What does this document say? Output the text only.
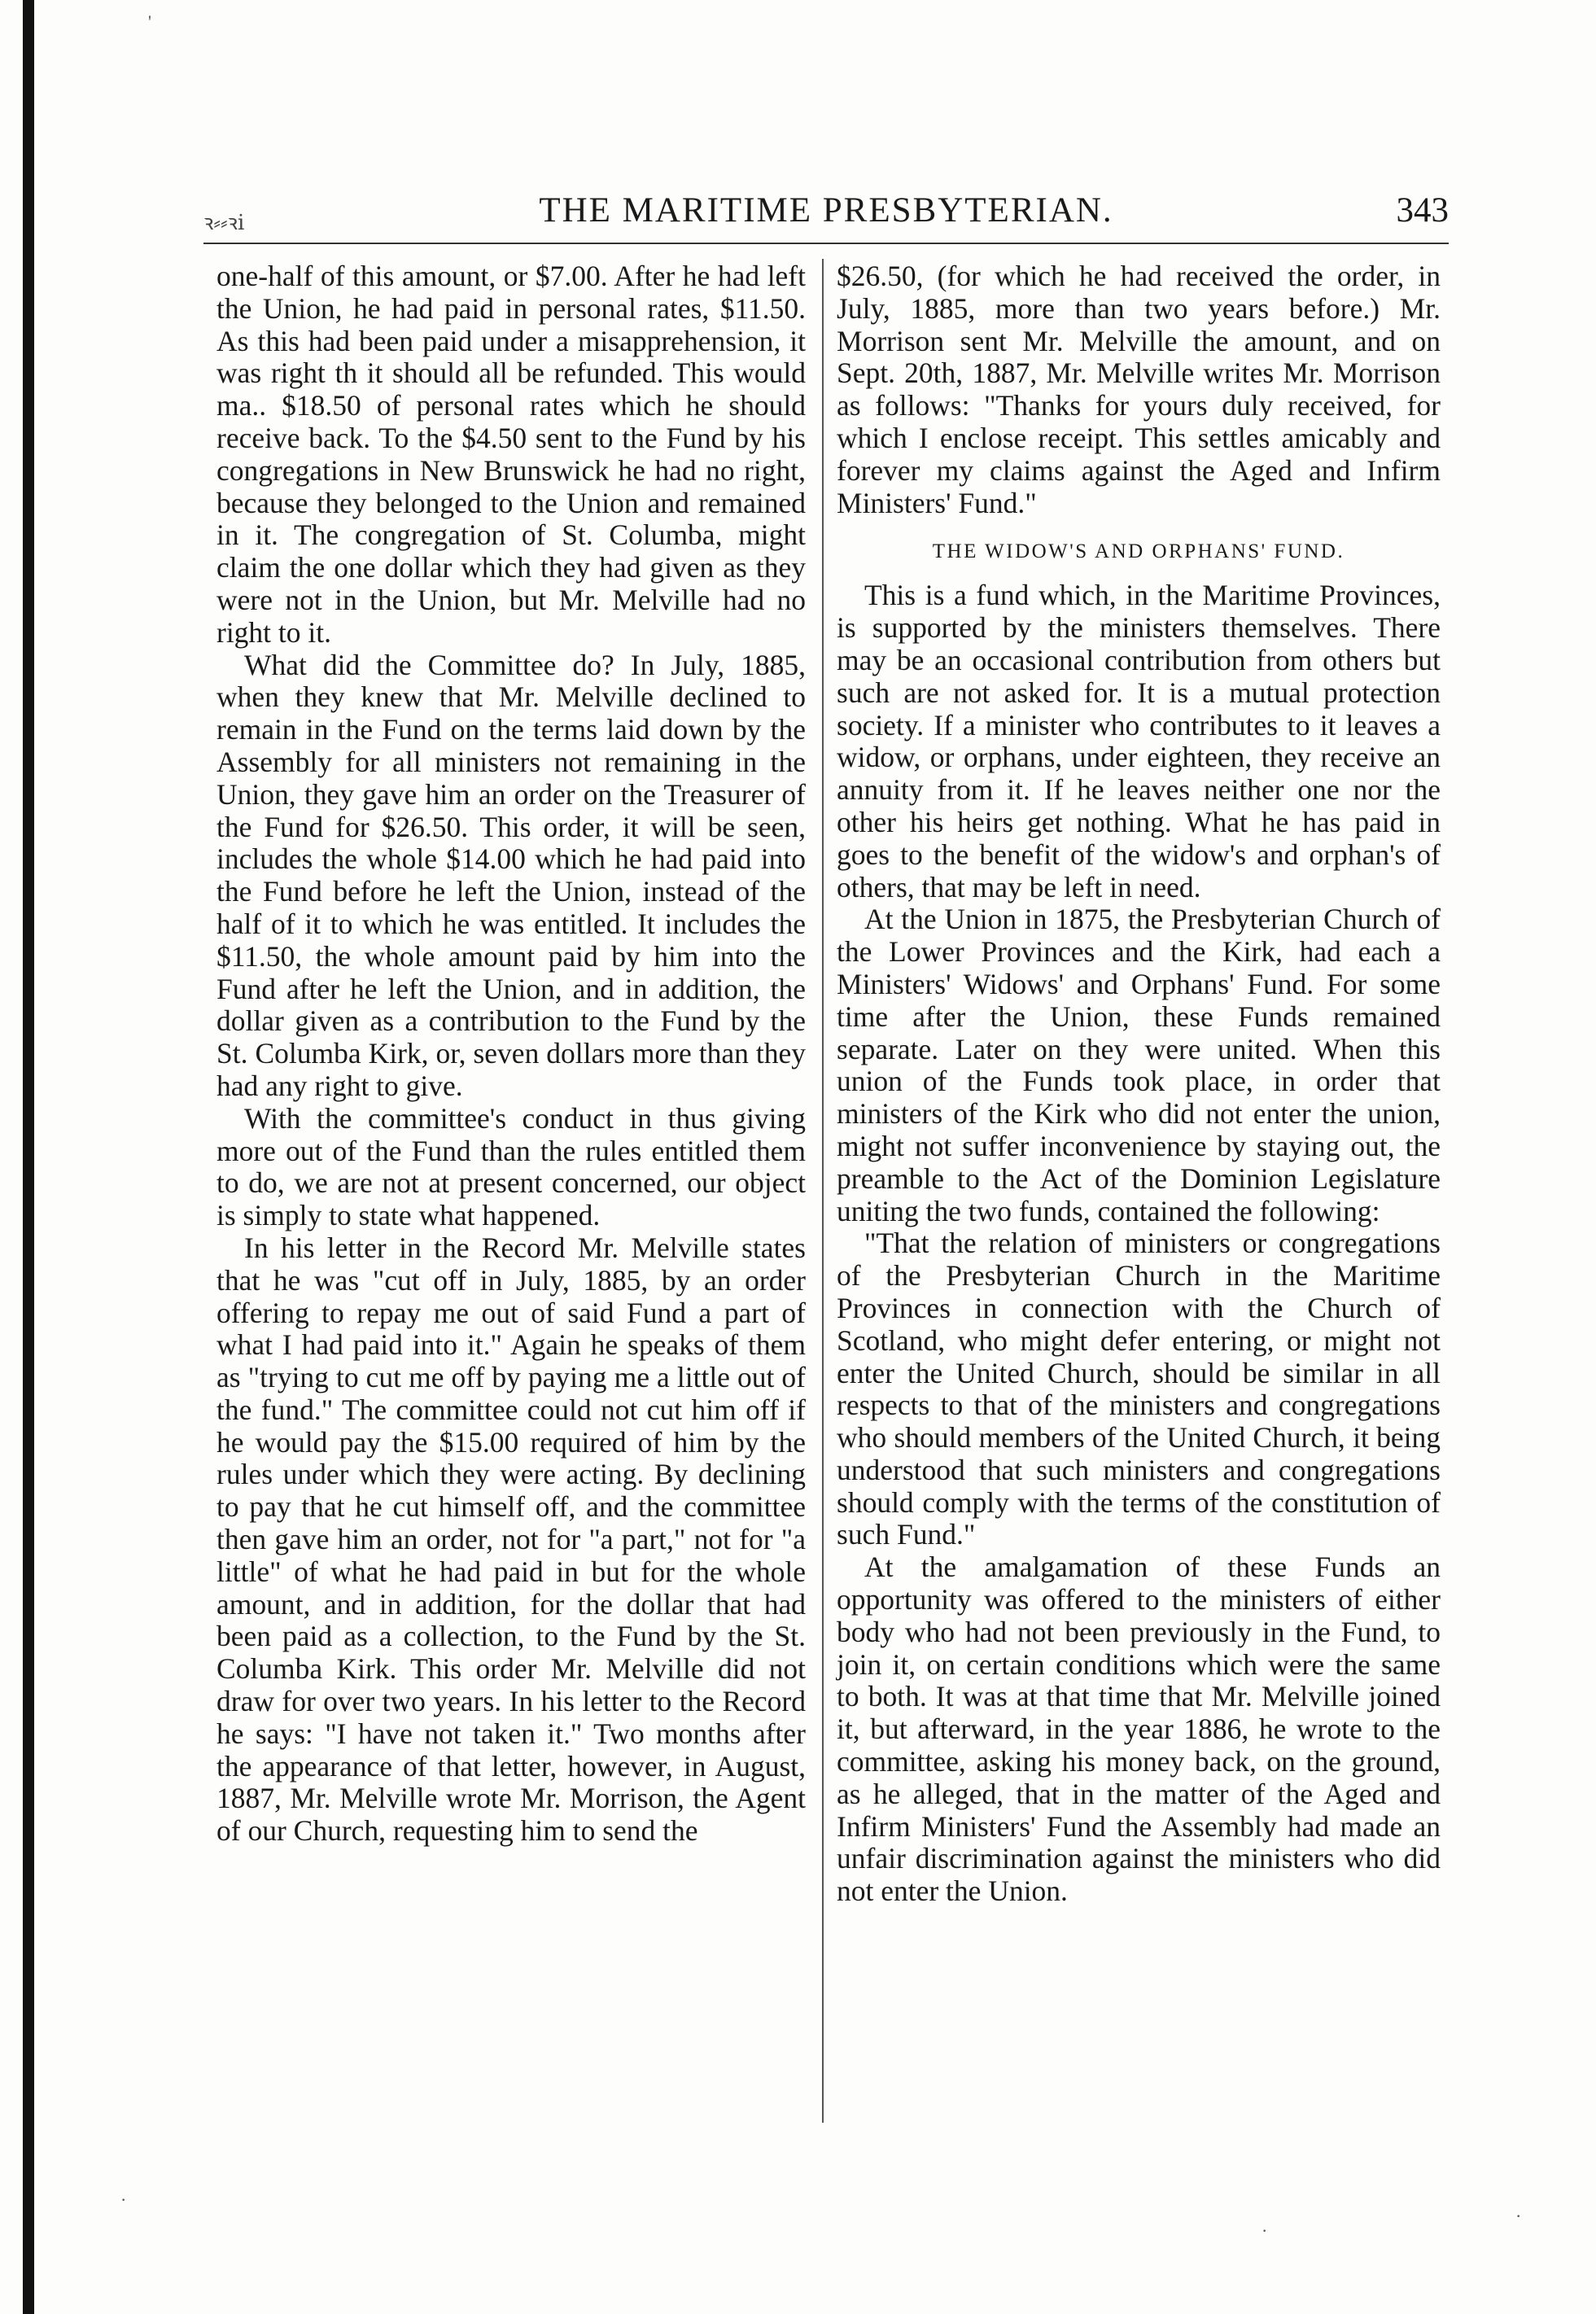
ꝛ⸗⸗ꝛⅰ	THE MARITIME PRESBYTERIAN.	343

one-half of this amount, or $7.00. After he had left the Union, he had paid in personal rates, $11.50. As this had been paid under a misapprehension, it was right th it should all be refunded. This would ma.. $18.50 of personal rates which he should receive back. To the $4.50 sent to the Fund by his congregations in New Brunswick he had no right, because they belonged to the Union and remained in it. The congregation of St. Columba, might claim the one dollar which they had given as they were not in the Union, but Mr. Melville had no right to it.

What did the Committee do? In July, 1885, when they knew that Mr. Melville declined to remain in the Fund on the terms laid down by the Assembly for all ministers not remaining in the Union, they gave him an order on the Treasurer of the Fund for $26.50. This order, it will be seen, includes the whole $14.00 which he had paid into the Fund before he left the Union, instead of the half of it to which he was entitled. It includes the $11.50, the whole amount paid by him into the Fund after he left the Union, and in addition, the dollar given as a contribution to the Fund by the St. Columba Kirk, or, seven dollars more than they had any right to give.

With the committee's conduct in thus giving more out of the Fund than the rules entitled them to do, we are not at present concerned, our object is simply to state what happened.

In his letter in the Record Mr. Melville states that he was "cut off in July, 1885, by an order offering to repay me out of said Fund a part of what I had paid into it." Again he speaks of them as "trying to cut me off by paying me a little out of the fund." The committee could not cut him off if he would pay the $15.00 required of him by the rules under which they were acting. By declining to pay that he cut himself off, and the committee then gave him an order, not for "a part," not for "a little" of what he had paid in but for the whole amount, and in addition, for the dollar that had been paid as a collection, to the Fund by the St. Columba Kirk. This order Mr. Melville did not draw for over two years. In his letter to the Record he says: "I have not taken it." Two months after the appearance of that letter, however, in August, 1887, Mr. Melville wrote Mr. Morrison, the Agent of our Church, requesting him to send the

$26.50, (for which he had received the order, in July, 1885, more than two years before.) Mr. Morrison sent Mr. Melville the amount, and on Sept. 20th, 1887, Mr. Melville writes Mr. Morrison as follows: "Thanks for yours duly received, for which I enclose receipt. This settles amicably and forever my claims against the Aged and Infirm Ministers' Fund."

THE WIDOW'S AND ORPHANS' FUND.

This is a fund which, in the Maritime Provinces, is supported by the ministers themselves. There may be an occasional contribution from others but such are not asked for. It is a mutual protection society. If a minister who contributes to it leaves a widow, or orphans, under eighteen, they receive an annuity from it. If he leaves neither one nor the other his heirs get nothing. What he has paid in goes to the benefit of the widow's and orphan's of others, that may be left in need.

At the Union in 1875, the Presbyterian Church of the Lower Provinces and the Kirk, had each a Ministers' Widows' and Orphans' Fund. For some time after the Union, these Funds remained separate. Later on they were united. When this union of the Funds took place, in order that ministers of the Kirk who did not enter the union, might not suffer inconvenience by staying out, the preamble to the Act of the Dominion Legislature uniting the two funds, contained the following:

"That the relation of ministers or congregations of the Presbyterian Church in the Maritime Provinces in connection with the Church of Scotland, who might defer entering, or might not enter the United Church, should be similar in all respects to that of the ministers and congregations who should members of the United Church, it being understood that such ministers and congregations should comply with the terms of the constitution of such Fund."

At the amalgamation of these Funds an opportunity was offered to the ministers of either body who had not been previously in the Fund, to join it, on certain conditions which were the same to both. It was at that time that Mr. Melville joined it, but afterward, in the year 1886, he wrote to the committee, asking his money back, on the ground, as he alleged, that in the matter of the Aged and Infirm Ministers' Fund the Assembly had made an unfair discrimination against the ministers who did not enter the Union.

'
·
·
·
